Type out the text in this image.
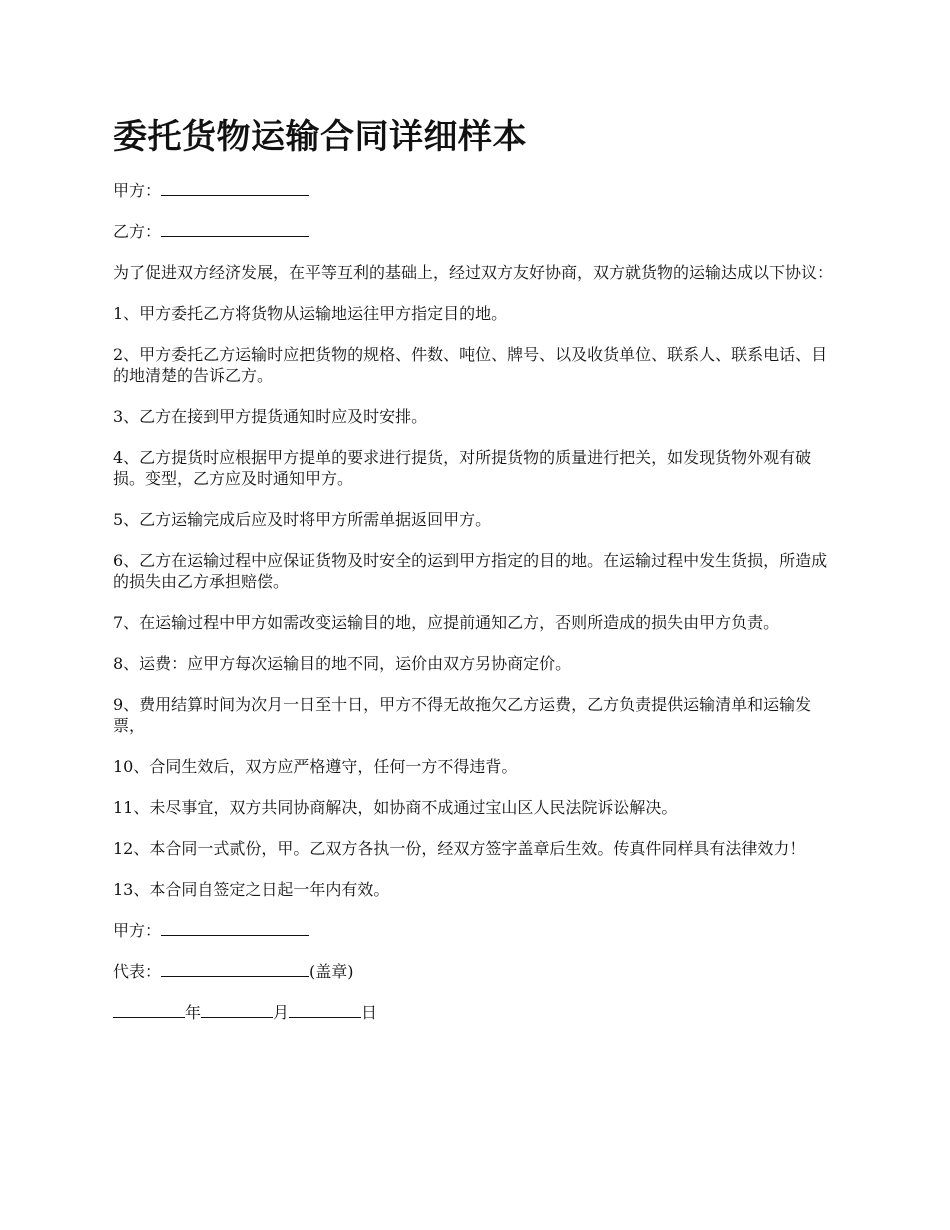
委托货物运输合同详细样本

甲方：

乙方：

为了促进双方经济发展，在平等互利的基础上，经过双方友好协商，双方就货物的运输达成以下协议：

1、甲方委托乙方将货物从运输地运往甲方指定目的地。

2、甲方委托乙方运输时应把货物的规格、件数、吨位、牌号、以及收货单位、联系人、联系电话、目的地清楚的告诉乙方。

3、乙方在接到甲方提货通知时应及时安排。

4、乙方提货时应根据甲方提单的要求进行提货，对所提货物的质量进行把关，如发现货物外观有破损。变型，乙方应及时通知甲方。

5、乙方运输完成后应及时将甲方所需单据返回甲方。

6、乙方在运输过程中应保证货物及时安全的运到甲方指定的目的地。在运输过程中发生货损，所造成的损失由乙方承担赔偿。

7、在运输过程中甲方如需改变运输目的地，应提前通知乙方，否则所造成的损失由甲方负责。

8、运费：应甲方每次运输目的地不同，运价由双方另协商定价。

9、费用结算时间为次月一日至十日，甲方不得无故拖欠乙方运费，乙方负责提供运输清单和运输发票，

10、合同生效后，双方应严格遵守，任何一方不得违背。

11、未尽事宜，双方共同协商解决，如协商不成通过宝山区人民法院诉讼解决。

12、本合同一式贰份，甲。乙双方各执一份，经双方签字盖章后生效。传真件同样具有法律效力！

13、本合同自签定之日起一年内有效。

甲方：

代表：	(盖章)

年	月	日
